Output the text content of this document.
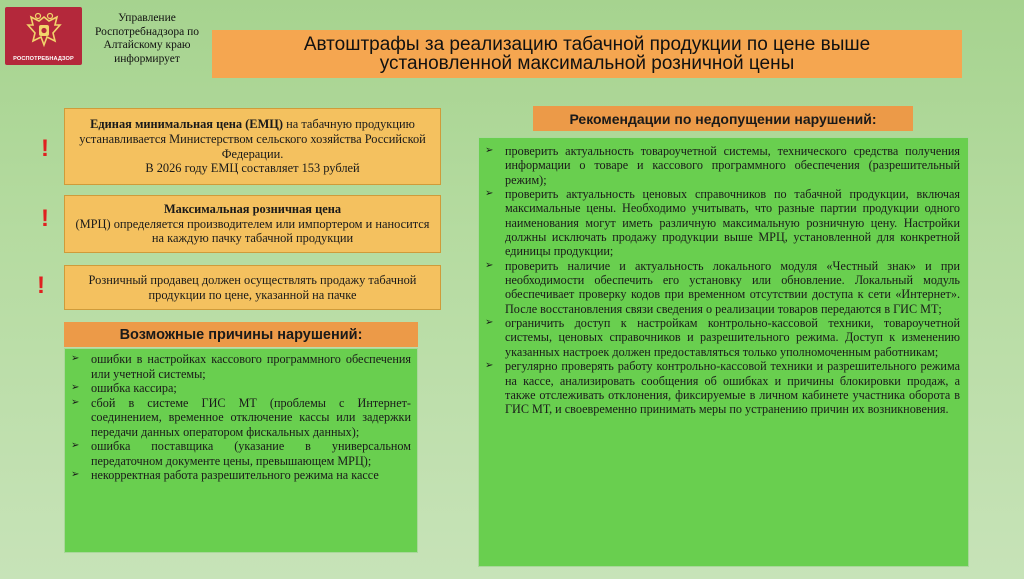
РОСПОТРЕБНАДЗОР
Управление
Роспотребнадзора по
Алтайскому краю
информирует
Автоштрафы за реализацию табачной продукции по цене выше
установленной максимальной розничной цены
!
Единая минимальная цена (ЕМЦ) на табачную продукцию устанавливается Министерством сельского хозяйства Российской Федерации.
В 2026 году ЕМЦ составляет 153 рублей
!	Максимальная розничная цена
(МРЦ) определяется производителем или импортером и наносится на каждую пачку табачной продукции
!	Розничный продавец должен осуществлять продажу табачной продукции по цене, указанной на пачке
Возможные причины нарушений:
➢ ошибки в настройках кассового программного обеспечения или учетной системы;
➢ ошибка кассира;
➢ сбой в системе ГИС МТ (проблемы с Интернет-соединением, временное отключение кассы или задержки передачи данных оператором фискальных данных);
➢ ошибка поставщика (указание в универсальном передаточном документе цены, превышающем МРЦ);
➢ некорректная работа разрешительного режима на кассе
Рекомендации по недопущении нарушений:
➢ проверить актуальность товароучетной системы, технического средства получения информации о товаре и кассового программного обеспечения (разрешительный режим);
➢ проверить актуальность ценовых справочников по табачной продукции, включая максимальные цены. Необходимо учитывать, что разные партии продукции одного наименования могут иметь различную максимальную розничную цену. Настройки должны исключать продажу продукции выше МРЦ, установленной для конкретной единицы продукции;
➢ проверить наличие и актуальность локального модуля «Честный знак» и при необходимости обеспечить его установку или обновление. Локальный модуль обеспечивает проверку кодов при временном отсутствии доступа к сети «Интернет». После восстановления связи сведения о реализации товаров передаются в ГИС МТ;
➢ ограничить доступ к настройкам контрольно-кассовой техники, товароучетной системы, ценовых справочников и разрешительного режима. Доступ к изменению указанных настроек должен предоставляться только уполномоченным работникам;
➢ регулярно проверять работу контрольно-кассовой техники и разрешительного режима на кассе, анализировать сообщения об ошибках и причины блокировки продаж, а также отслеживать отклонения, фиксируемые в личном кабинете участника оборота в ГИС МТ, и своевременно принимать меры по устранению причин их возникновения.
